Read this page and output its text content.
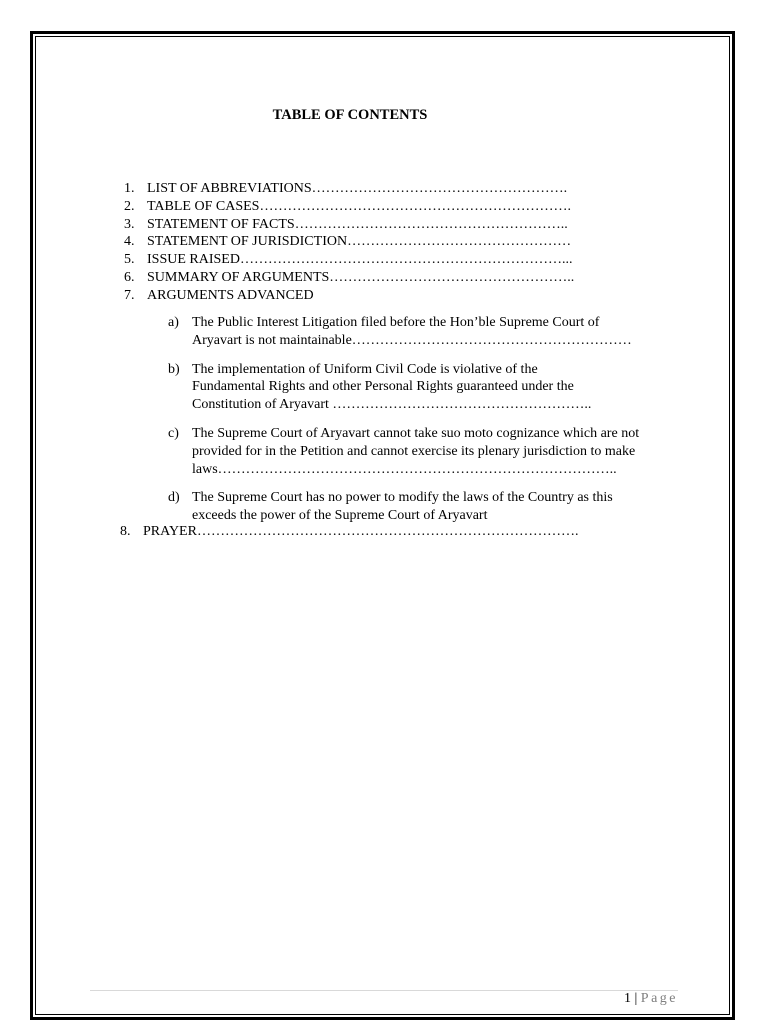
TABLE OF CONTENTS
1. LIST OF ABBREVIATIONS……………………………………………….
2. TABLE OF CASES………………………………………………………….
3. STATEMENT OF FACTS…………………………………………………..
4. STATEMENT OF JURISDICTION…………………………………………
5. ISSUE RAISED……………………………………………………………...
6. SUMMARY OF ARGUMENTS……………………………………………..
7. ARGUMENTS ADVANCED
a) The Public Interest Litigation filed before the Hon’ble Supreme Court of
Aryavart is not maintainable……………………………………………………
b) The implementation of Uniform Civil Code is violative of the
Fundamental Rights and other Personal Rights guaranteed under the
Constitution of Aryavart ………………………………………………..
c) The Supreme Court of Aryavart cannot take suo moto cognizance which are not
provided for in the Petition and cannot exercise its plenary jurisdiction to make
laws…………………………………………………………………………..
d) The Supreme Court has no power to modify the laws of the Country as this
exceeds the power of the Supreme Court of Aryavart
8. PRAYER……………………………………………………………………….
1 | Page
